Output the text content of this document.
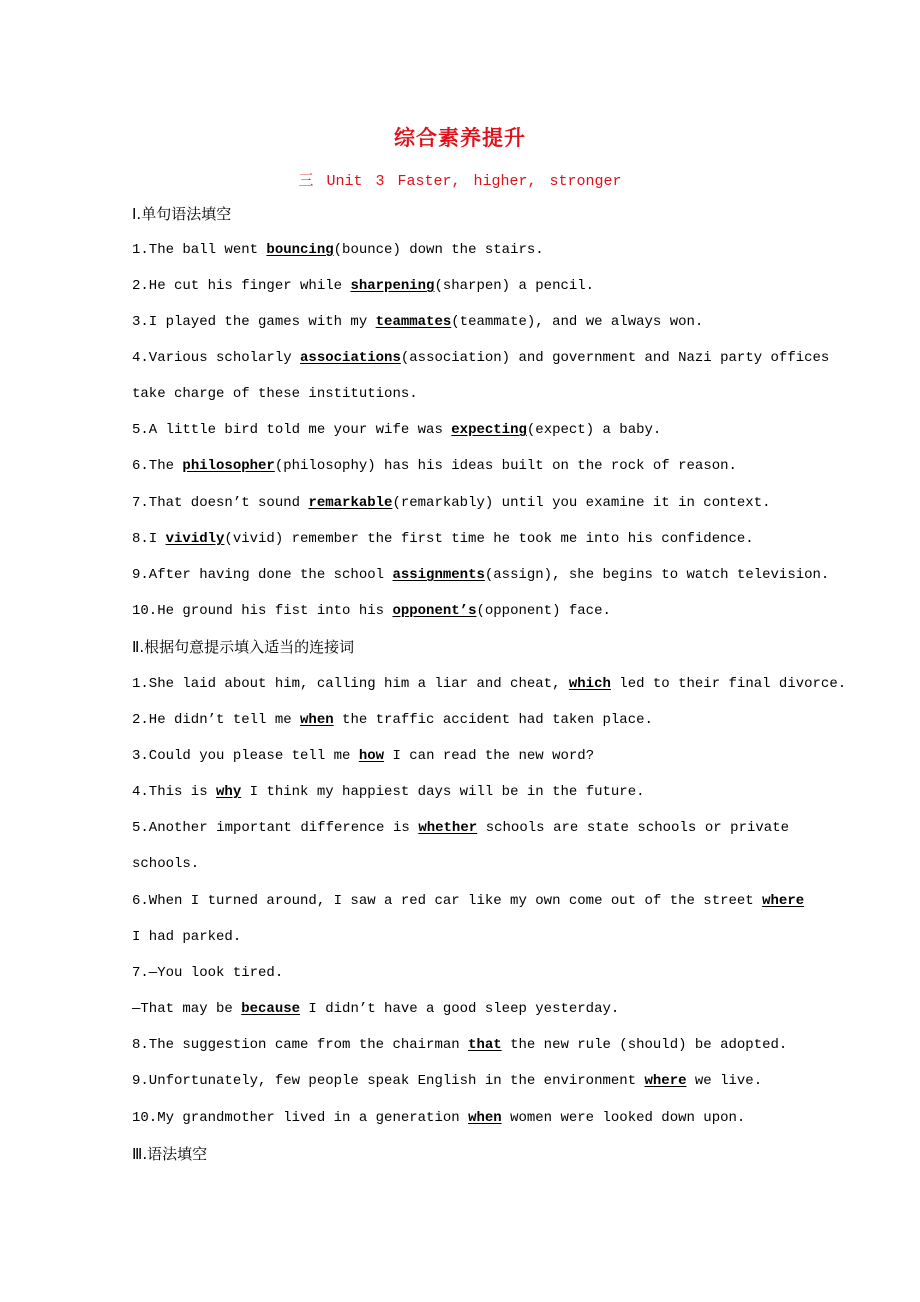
综合素养提升
三 Unit 3 Faster, higher, stronger
Ⅰ.单句语法填空
1.The ball went bouncing(bounce) down the stairs.
2.He cut his finger while sharpening(sharpen) a pencil.
3.I played the games with my teammates(teammate), and we always won.
4.Various scholarly associations(association) and government and Nazi party offices
take charge of these institutions.
5.A little bird told me your wife was expecting(expect) a baby.
6.The philosopher(philosophy) has his ideas built on the rock of reason.
7.That doesn’t sound remarkable(remarkably) until you examine it in context.
8.I vividly(vivid) remember the first time he took me into his confidence.
9.After having done the school assignments(assign), she begins to watch television.
10.He ground his fist into his opponent’s(opponent) face.
Ⅱ.根据句意提示填入适当的连接词
1.She laid about him, calling him a liar and cheat, which led to their final divorce.
2.He didn’t tell me when the traffic accident had taken place.
3.Could you please tell me how I can read the new word?
4.This is why I think my happiest days will be in the future.
5.Another important difference is whether schools are state schools or private
schools.
6.When I turned around, I saw a red car like my own come out of the street where
I had parked.
7.—You look tired.
—That may be because I didn’t have a good sleep yesterday.
8.The suggestion came from the chairman that the new rule (should) be adopted.
9.Unfortunately, few people speak English in the environment where we live.
10.My grandmother lived in a generation when women were looked down upon.
Ⅲ.语法填空
